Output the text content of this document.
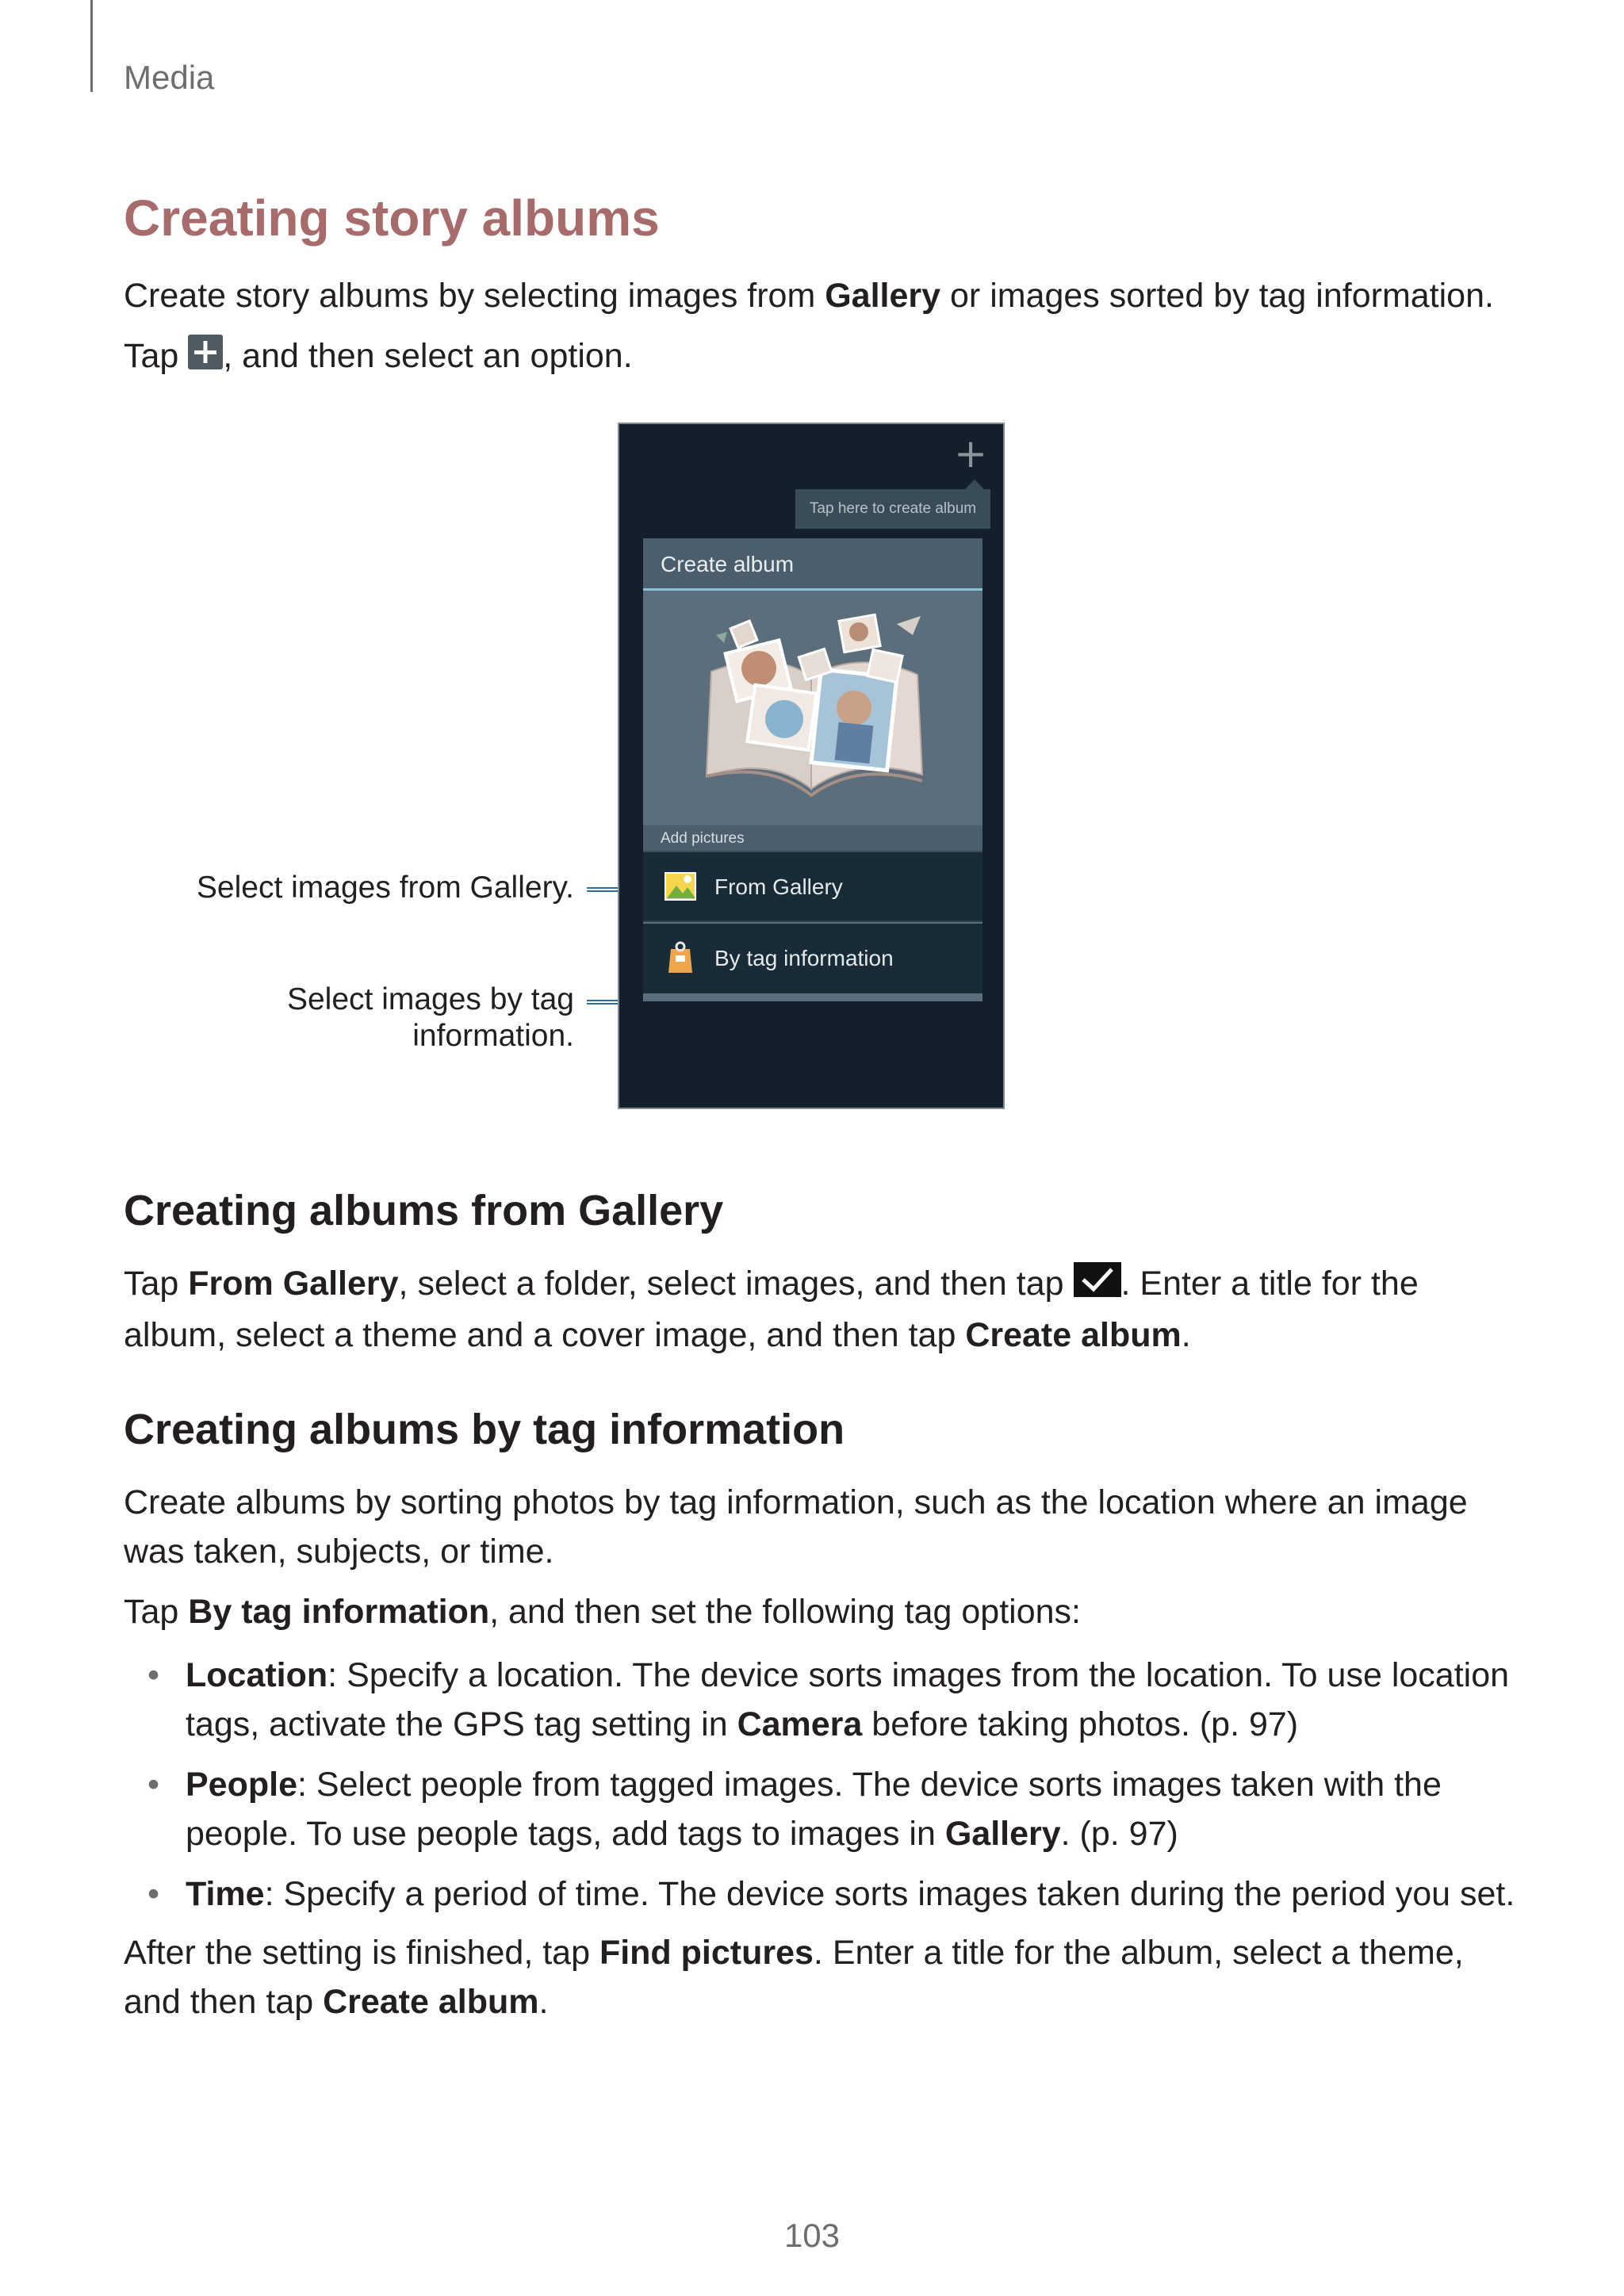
Media
Creating story albums

Create story albums by selecting images from Gallery or images sorted by tag information.

Tap , and then select an option.

Select images from Gallery.
Select images by tag
information.
+
Tap here to create album
Create album
Add pictures
From Gallery
By tag information
Creating albums from Gallery

Tap From Gallery, select a folder, select images, and then tap . Enter a title for the album, select a theme and a cover image, and then tap Create album.

Creating albums by tag information

Create albums by sorting photos by tag information, such as the location where an image was taken, subjects, or time.

Tap By tag information, and then set the following tag options:

• Location: Specify a location. The device sorts images from the location. To use location tags, activate the GPS tag setting in Camera before taking photos. (p. 97)
• People: Select people from tagged images. The device sorts images taken with the people. To use people tags, add tags to images in Gallery. (p. 97)
• Time: Specify a period of time. The device sorts images taken during the period you set.

After the setting is finished, tap Find pictures. Enter a title for the album, select a theme, and then tap Create album.

103
